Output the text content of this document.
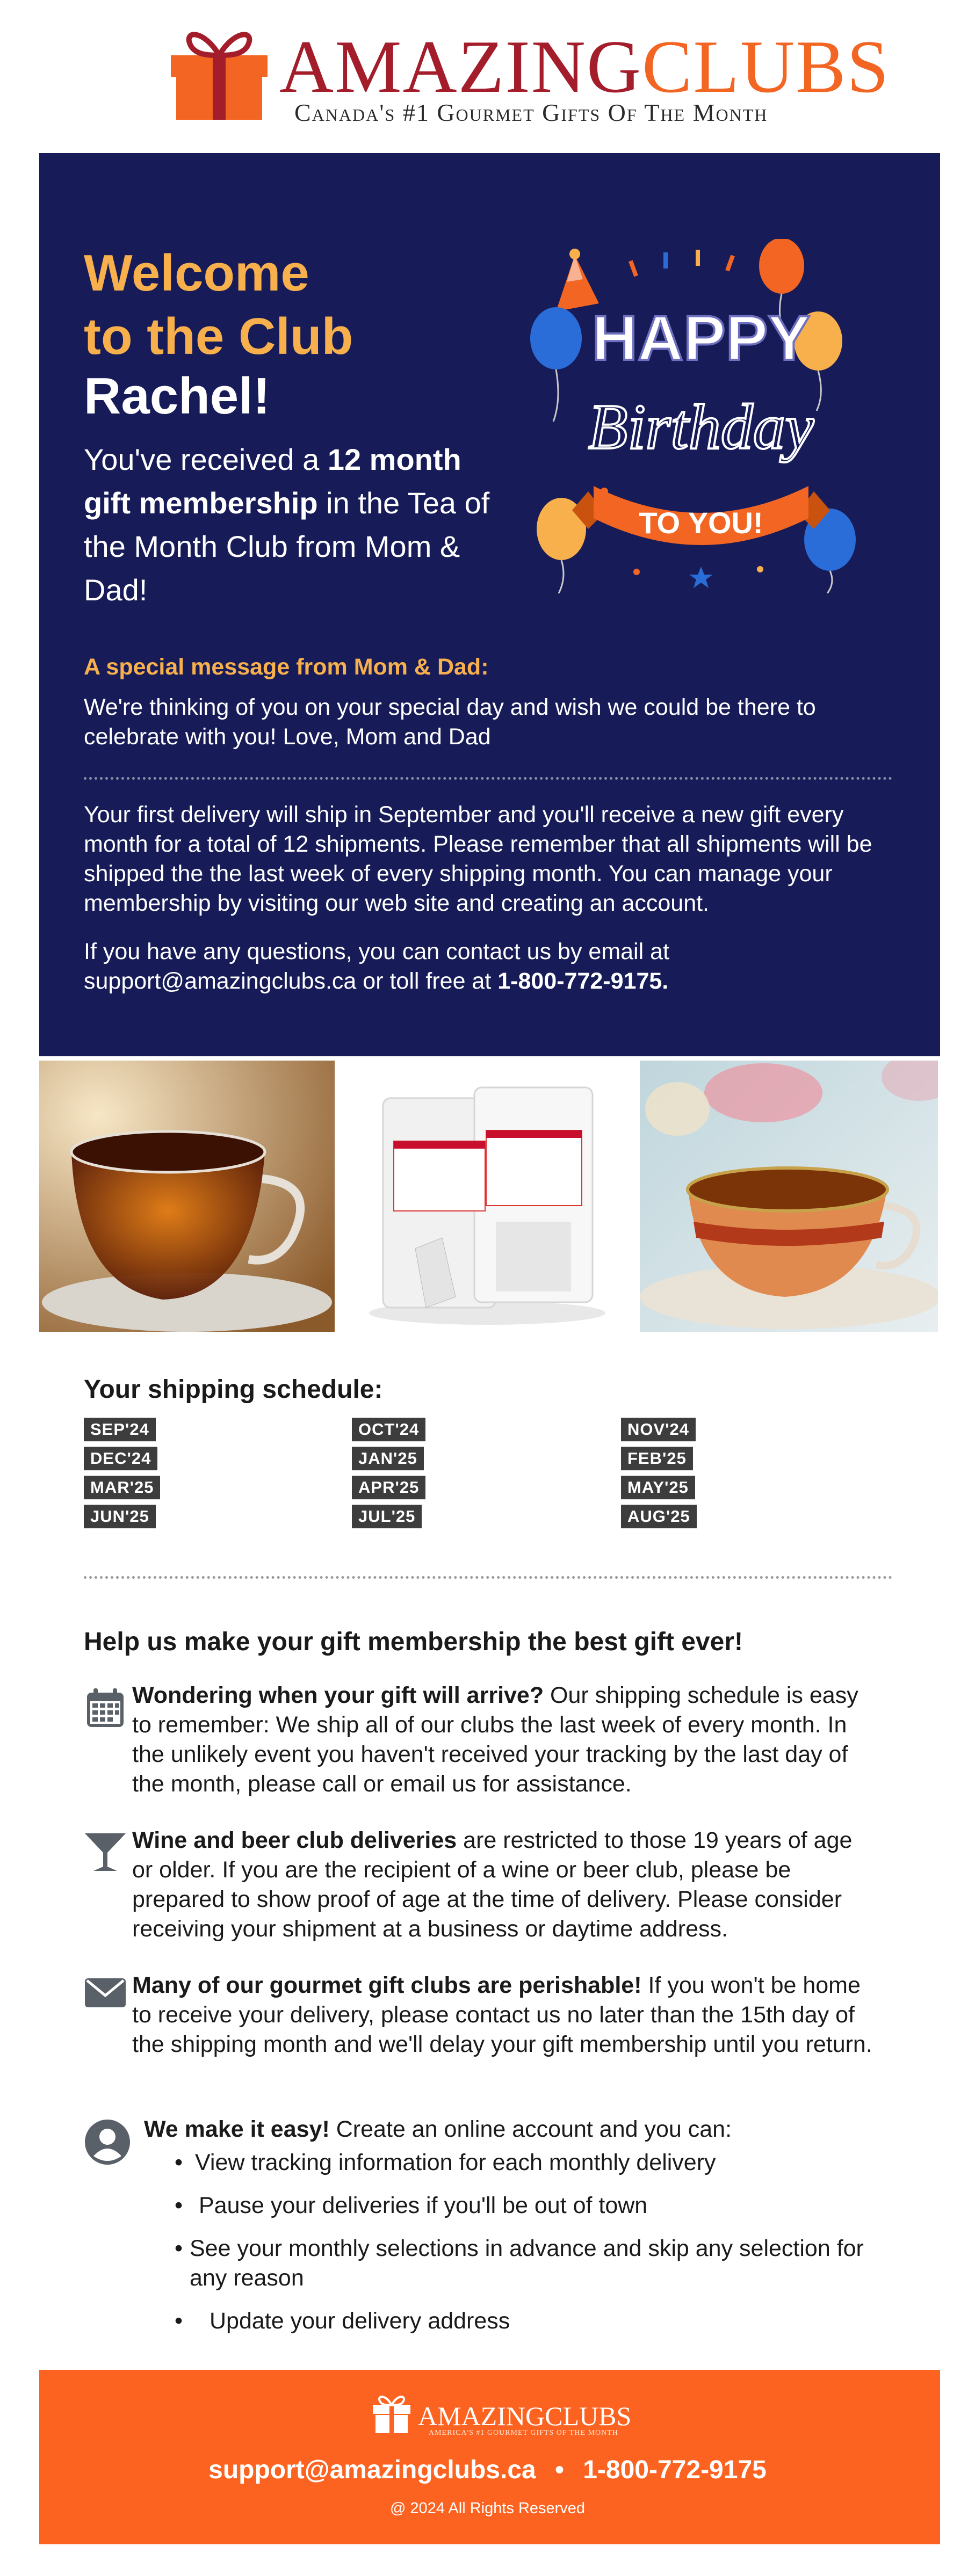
AMAZINGCLUBS
Canada's #1 Gourmet Gifts Of The Month
Welcome
to the Club
Rachel!
You've received a 12 month gift membership in the Tea of the Month Club from Mom & Dad!
TO YOU!
HAPPY
Birthday
A special message from Mom & Dad:
We're thinking of you on your special day and wish we could be there to celebrate with you! Love, Mom and Dad
Your first delivery will ship in September and you'll receive a new gift every month for a total of 12 shipments. Please remember that all shipments will be shipped the the last week of every shipping month. You can manage your membership by visiting our web site and creating an account.
If you have any questions, you can contact us by email at support@amazingclubs.ca or toll free at 1-800-772-9175.
Your shipping schedule:
SEP'24	OCT'24	NOV'24
DEC'24	JAN'25	FEB'25
MAR'25	APR'25	MAY'25
JUN'25	JUL'25	AUG'25
Help us make your gift membership the best gift ever!
Wondering when your gift will arrive? Our shipping schedule is easy to remember: We ship all of our clubs the last week of every month. In the unlikely event you haven't received your tracking by the last day of the month, please call or email us for assistance.
Wine and beer club deliveries are restricted to those 19 years of age or older. If you are the recipient of a wine or beer club, please be prepared to show proof of age at the time of delivery. Please consider receiving your shipment at a business or daytime address.
Many of our gourmet gift clubs are perishable! If you won't be home to receive your delivery, please contact us no later than the 15th day of the shipping month and we'll delay your gift membership until you return.
We make it easy! Create an online account and you can:
• View tracking information for each monthly delivery
• Pause your deliveries if you'll be out of town
• See your monthly selections in advance and skip any selection for any reason
• Update your delivery address
AMAZINGCLUBS
AMERICA'S #1 GOURMET GIFTS OF THE MONTH
support@amazingclubs.ca • 1-800-772-9175
@ 2024 All Rights Reserved
